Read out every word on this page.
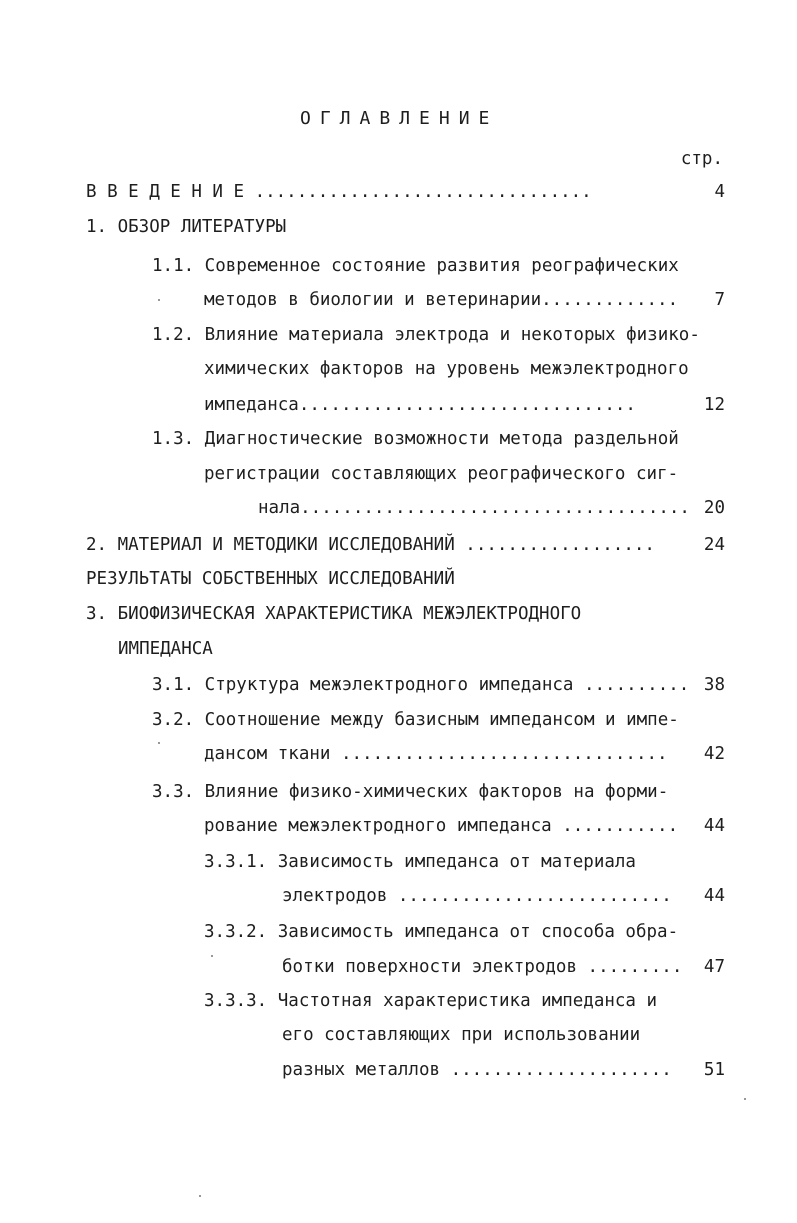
ОГЛАВЛЕНИЕ
стр.
В В Е Д Е Н И Е ................................	4
1. ОБЗОР ЛИТЕРАТУРЫ
1.1. Современное состояние развития реографических
методов в биологии и ветеринарии............. 7
1.2. Влияние материала электрода и некоторых физико-
химических факторов на уровень межэлектродного
импеданса................................	12
1.3. Диагностические возможности метода раздельной
регистрации составляющих реографического сиг-
нала..................................... 20
2. МАТЕРИАЛ И МЕТОДИКИ ИССЛЕДОВАНИЙ ..................	24
РЕЗУЛЬТАТЫ СОБСТВЕННЫХ ИССЛЕДОВАНИЙ
3. БИОФИЗИЧЕСКАЯ ХАРАКТЕРИСТИКА МЕЖЭЛЕКТРОДНОГО
ИМПЕДАНСА
3.1. Структура межэлектродного импеданса .......... 38
3.2. Соотношение между базисным импедансом и импе-
дансом ткани ............................... 42
3.3. Влияние физико-химических факторов на форми-
рование межэлектродного импеданса ........... 44
3.3.1. Зависимость импеданса от материала
электродов .......................... 44
3.3.2. Зависимость импеданса от способа обра-
ботки поверхности электродов ......... 47
3.3.3. Частотная характеристика импеданса и
его составляющих при использовании
разных металлов ..................... 51
